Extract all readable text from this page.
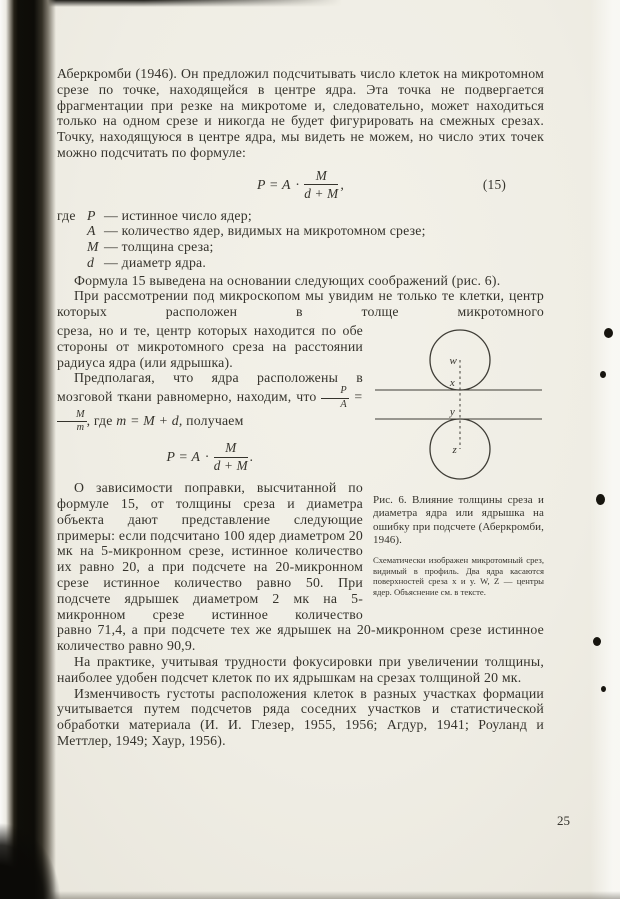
Аберкромби (1946). Он предложил подсчитывать число клеток на микротомном срезе по точке, находящейся в центре ядра. Эта точка не подвергается фрагментации при резке на микротоме и, следовательно, может находиться только на одном срезе и никогда не будет фигурировать на смежных срезах. Точку, находящуюся в центре ядра, мы видеть не можем, но число этих точек можно подсчитать по формуле:

$P = A \cdot \frac{M}{d + M}$ ,	(15)
где P — истинное число ядер;
A — количество ядер, видимых на микротомном срезе;
M — толщина среза;
d — диаметр ядра.

Формула 15 выведена на основании следующих соображений (рис. 6).

При рассмотрении под микроскопом мы увидим не только те клетки, центр которых расположен в толще микротомного

среза, но и те, центр которых находится по обе стороны от микротомного среза на расстоянии радиуса ядра (или ядрышка).

Предполагая, что ядра расположены в мозговой ткани равномерно, находим, что $\frac{P}{A}$ =
$\frac{M}{m}$ , где m = M + d, получаем

$P = A \cdot \frac{M}{d + M}$ .

О зависимости поправки, высчитанной по формуле 15, от толщины среза и диаметра объекта дают представление следующие примеры: если подсчитано 100 ядер диаметром 20 мк на 5-микронном срезе, истинное количество их равно 20, а при подсчете на 20-микронном срезе истинное количество равно 50. При подсчете ядрышек диаметром 2 мк на 5-микронном срезе истинное количество

w
x
y
z

Рис. 6. Влияние толщины среза и диаметра ядра или ядрышка на ошибку при подсчете (Аберкромби, 1946).

Схематически изображен микротомный срез, видимый в профиль. Два ядра касаются поверхностей среза x и y. W, Z — центры ядер. Объяснение см. в тексте.

равно 71,4, а при подсчете тех же ядрышек на 20-микронном срезе истинное количество равно 90,9.

На практике, учитывая трудности фокусировки при увеличении толщины, наиболее удобен подсчет клеток по их ядрышкам на срезах толщиной 20 мк.

Изменчивость густоты расположения клеток в разных участках формации учитывается путем подсчетов ряда соседних участков и статистической обработки материала (И. И. Глезер, 1955, 1956; Агдур, 1941; Роуланд и Меттлер, 1949; Хаур, 1956).

25
